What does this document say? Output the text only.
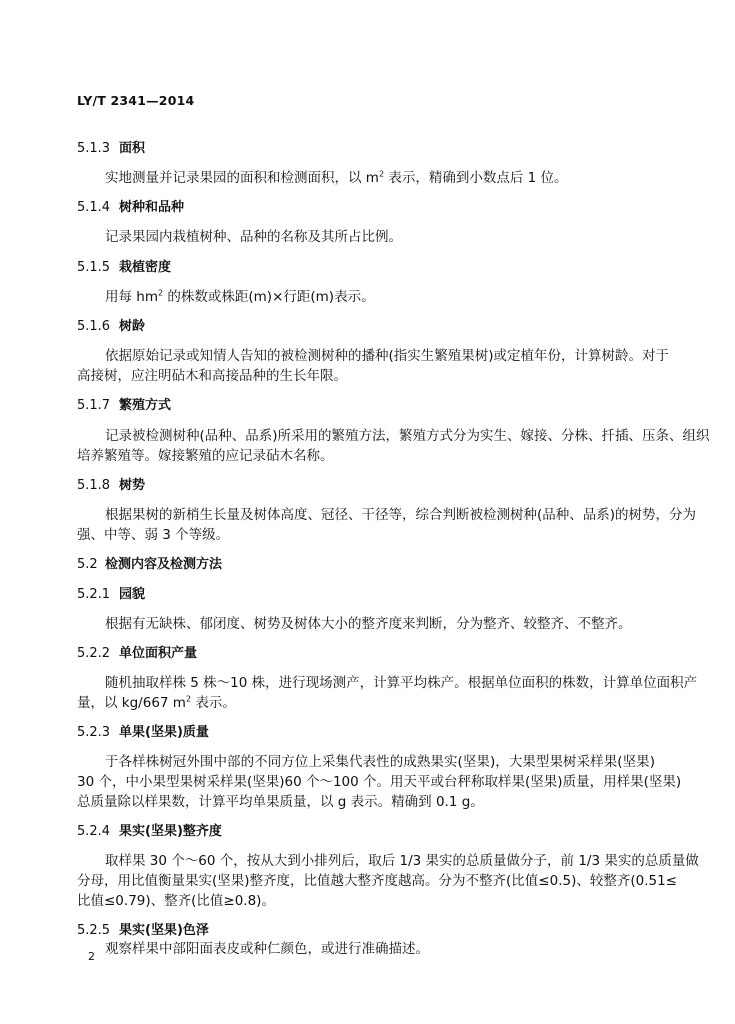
LY/T 2341—2014
5.1.3 面积
实地测量并记录果园的面积和检测面积，以 $m^2$ 表示，精确到小数点后 1 位。
5.1.4 树种和品种
记录果园内栽植树种、品种的名称及其所占比例。
5.1.5 栽植密度
用每 $hm^2$ 的株数或株距(m)×行距(m)表示。
5.1.6 树龄
依据原始记录或知情人告知的被检测树种的播种(指实生繁殖果树)或定植年份，计算树龄。对于
高接树，应注明砧木和高接品种的生长年限。
5.1.7 繁殖方式
记录被检测树种(品种、品系)所采用的繁殖方法，繁殖方式分为实生、嫁接、分株、扦插、压条、组织
培养繁殖等。嫁接繁殖的应记录砧木名称。
5.1.8 树势
根据果树的新梢生长量及树体高度、冠径、干径等，综合判断被检测树种(品种、品系)的树势，分为
强、中等、弱 3 个等级。
5.2 检测内容及检测方法
5.2.1 园貌
根据有无缺株、郁闭度、树势及树体大小的整齐度来判断，分为整齐、较整齐、不整齐。
5.2.2 单位面积产量
随机抽取样株 5 株～10 株，进行现场测产，计算平均株产。根据单位面积的株数，计算单位面积产
量，以 kg/667 $m^2$ 表示。
5.2.3 单果(坚果)质量
于各样株树冠外围中部的不同方位上采集代表性的成熟果实(坚果)，大果型果树采样果(坚果)
30 个，中小果型果树采样果(坚果)60 个～100 个。用天平或台秤称取样果(坚果)质量，用样果(坚果)
总质量除以样果数，计算平均单果质量，以 g 表示。精确到 0.1 g。
5.2.4 果实(坚果)整齐度
取样果 30 个～60 个，按从大到小排列后，取后 1/3 果实的总质量做分子，前 1/3 果实的总质量做
分母，用比值衡量果实(坚果)整齐度，比值越大整齐度越高。分为不整齐(比值≤0.5)、较整齐(0.51≤
比值≤0.79)、整齐(比值≥0.8)。
5.2.5 果实(坚果)色泽
观察样果中部阳面表皮或种仁颜色，或进行准确描述。
2
